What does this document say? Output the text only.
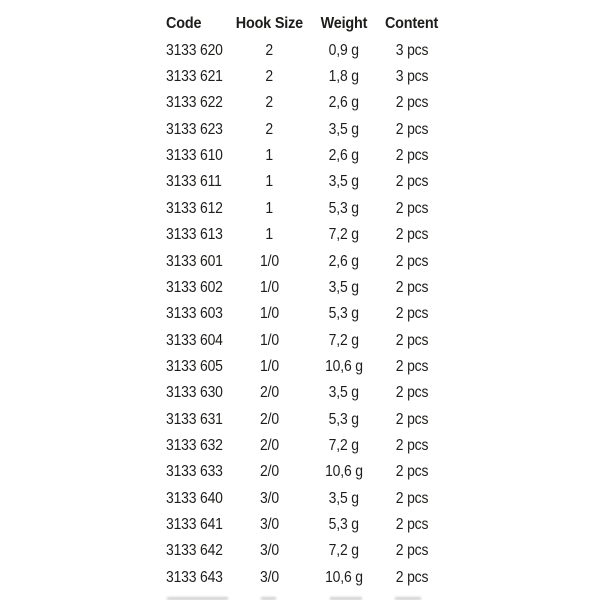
Code	Hook Size	Weight	Content
3133 620	2	0,9 g	3 pcs
3133 621	2	1,8 g	3 pcs
3133 622	2	2,6 g	2 pcs
3133 623	2	3,5 g	2 pcs
3133 610	1	2,6 g	2 pcs
3133 611	1	3,5 g	2 pcs
3133 612	1	5,3 g	2 pcs
3133 613	1	7,2 g	2 pcs
3133 601	1/0	2,6 g	2 pcs
3133 602	1/0	3,5 g	2 pcs
3133 603	1/0	5,3 g	2 pcs
3133 604	1/0	7,2 g	2 pcs
3133 605	1/0	10,6 g	2 pcs
3133 630	2/0	3,5 g	2 pcs
3133 631	2/0	5,3 g	2 pcs
3133 632	2/0	7,2 g	2 pcs
3133 633	2/0	10,6 g	2 pcs
3133 640	3/0	3,5 g	2 pcs
3133 641	3/0	5,3 g	2 pcs
3133 642	3/0	7,2 g	2 pcs
3133 643	3/0	10,6 g	2 pcs
